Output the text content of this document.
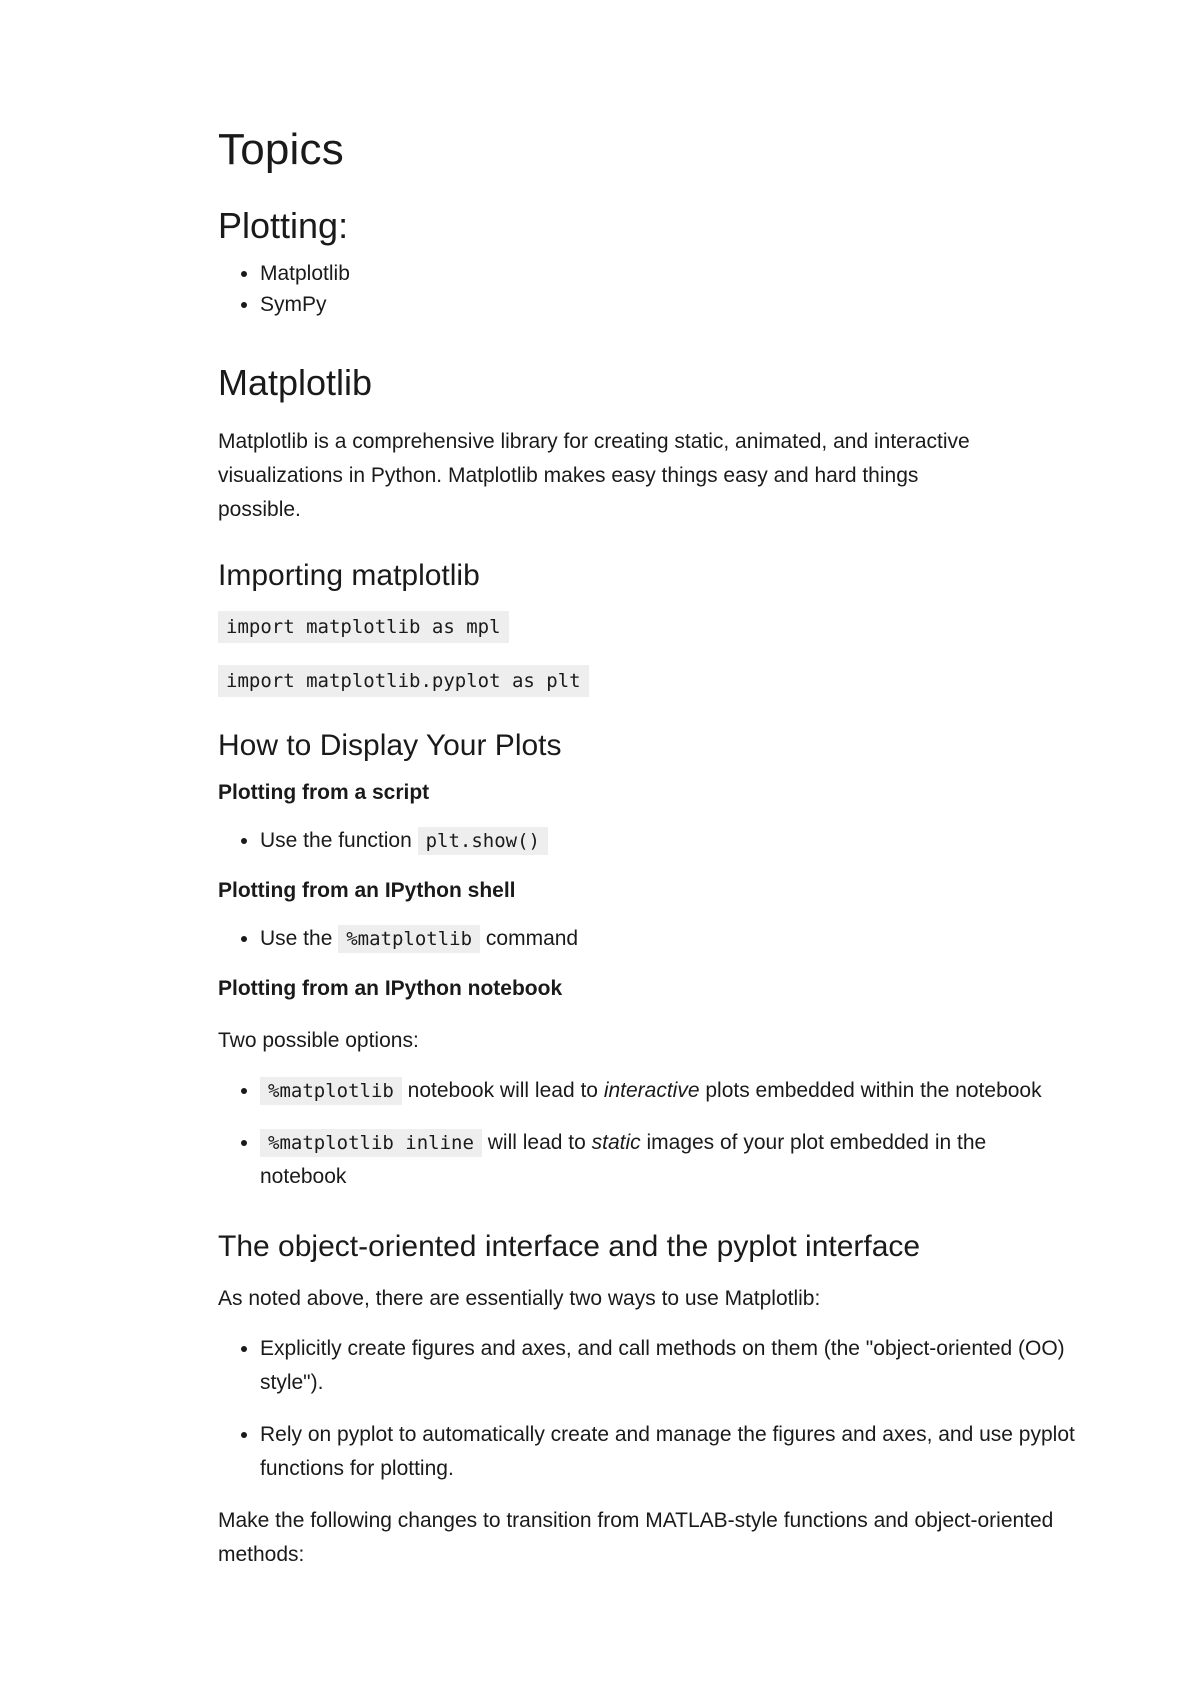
Topics
Plotting:
• Matplotlib
• SymPy
Matplotlib

Matplotlib is a comprehensive library for creating static, animated, and interactive visualizations in Python. Matplotlib makes easy things easy and hard things possible.

Importing matplotlib
import matplotlib as mpl
import matplotlib.pyplot as plt
How to Display Your Plots

Plotting from a script

• Use the function plt.show()

Plotting from an IPython shell

• Use the %matplotlib command

Plotting from an IPython notebook

Two possible options:

• %matplotlib notebook will lead to interactive plots embedded within the notebook
• %matplotlib inline will lead to static images of your plot embedded in the notebook
The object-oriented interface and the pyplot interface

As noted above, there are essentially two ways to use Matplotlib:

• Explicitly create figures and axes, and call methods on them (the "object-oriented (OO) style").
• Rely on pyplot to automatically create and manage the figures and axes, and use pyplot functions for plotting.

Make the following changes to transition from MATLAB-style functions and object-oriented methods:
